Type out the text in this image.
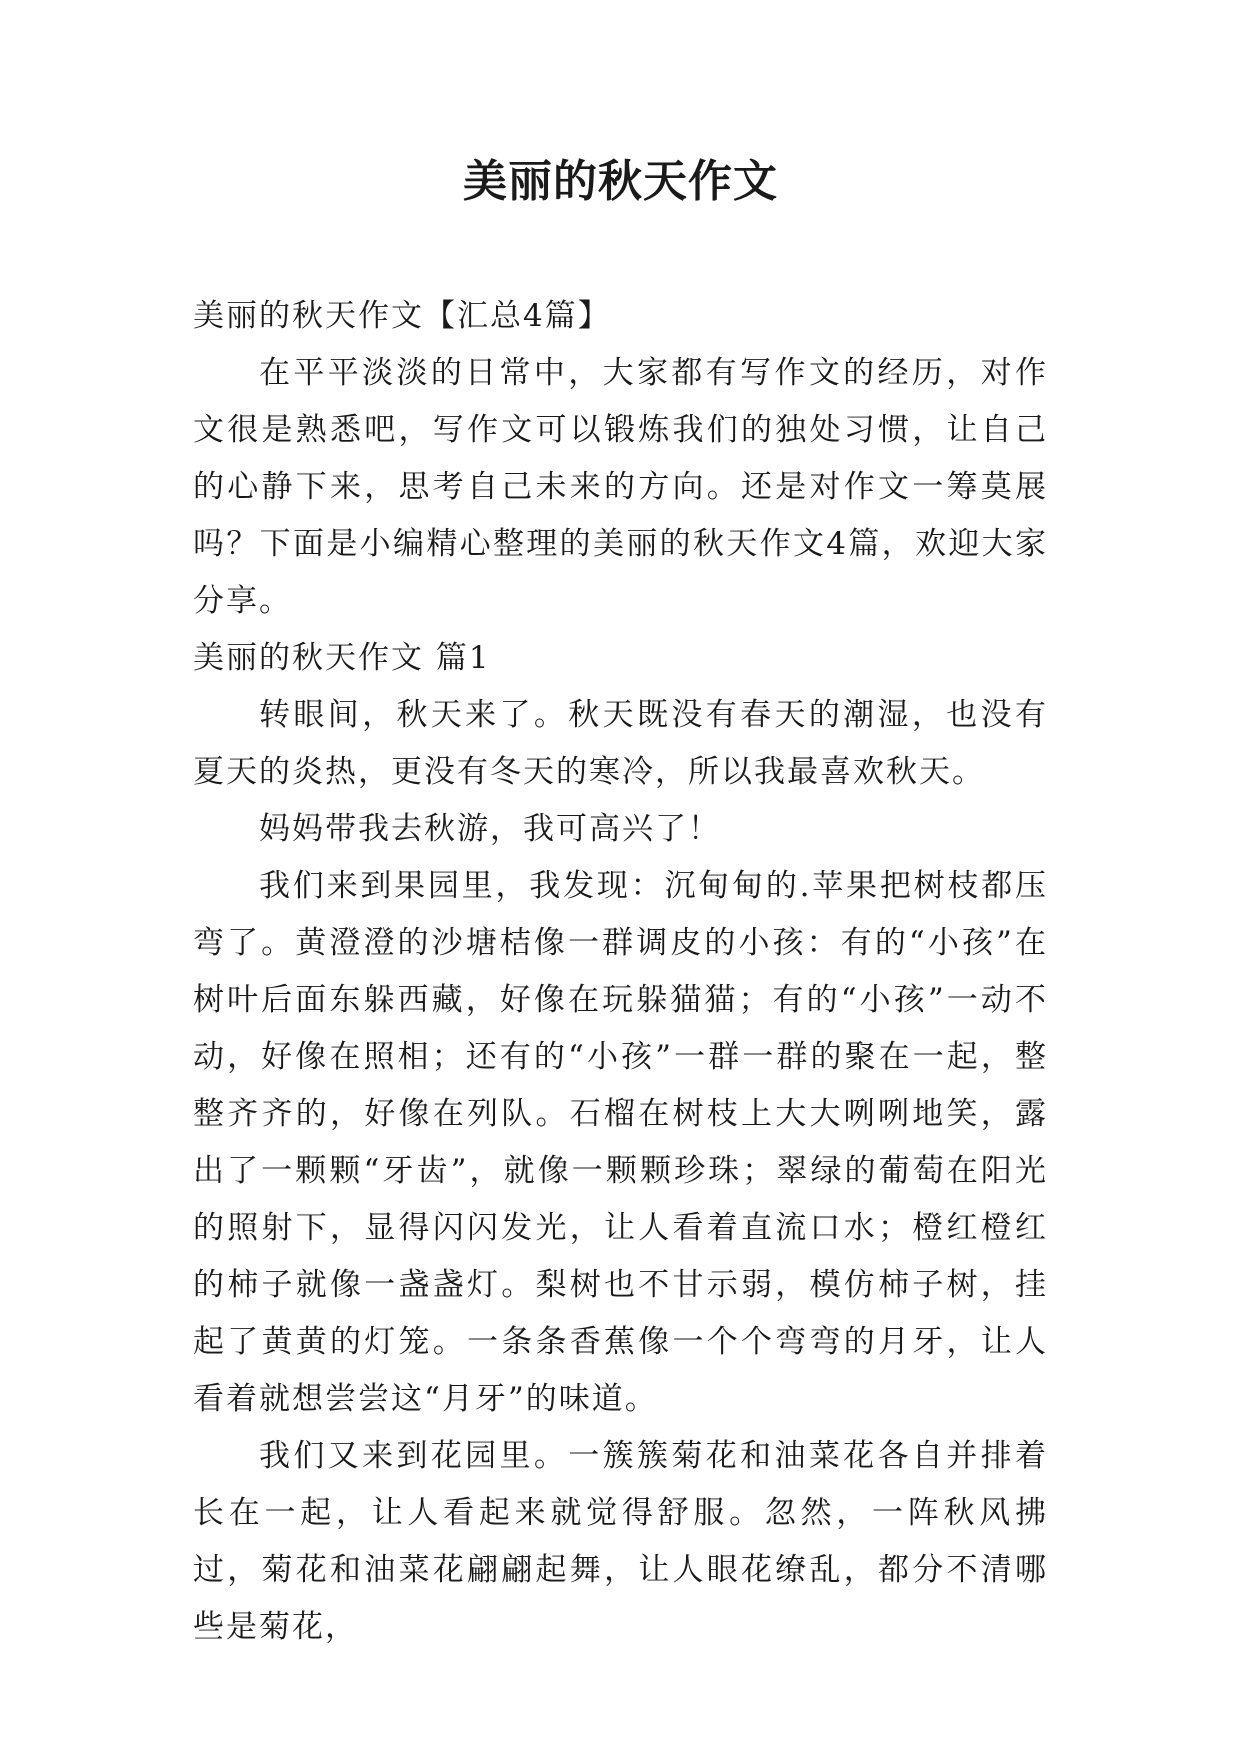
美丽的秋天作文

美丽的秋天作文【汇总4篇】

在平平淡淡的日常中，大家都有写作文的经历，对作文很是熟悉吧，写作文可以锻炼我们的独处习惯，让自己的心静下来，思考自己未来的方向。还是对作文一筹莫展吗？下面是小编精心整理的美丽的秋天作文4篇，欢迎大家分享。

美丽的秋天作文 篇1

转眼间，秋天来了。秋天既没有春天的潮湿，也没有夏天的炎热，更没有冬天的寒冷，所以我最喜欢秋天。

妈妈带我去秋游，我可高兴了！

我们来到果园里，我发现：沉甸甸的.苹果把树枝都压弯了。黄澄澄的沙塘桔像一群调皮的小孩：有的“小孩”在树叶后面东躲西藏，好像在玩躲猫猫；有的“小孩”一动不动，好像在照相；还有的“小孩”一群一群的聚在一起，整整齐齐的，好像在列队。石榴在树枝上大大咧咧地笑，露出了一颗颗“牙齿”，就像一颗颗珍珠；翠绿的葡萄在阳光的照射下，显得闪闪发光，让人看着直流口水；橙红橙红的柿子就像一盏盏灯。梨树也不甘示弱，模仿柿子树，挂起了黄黄的灯笼。一条条香蕉像一个个弯弯的月牙，让人看着就想尝尝这“月牙”的味道。

我们又来到花园里。一簇簇菊花和油菜花各自并排着长在一起，让人看起来就觉得舒服。忽然，一阵秋风拂过，菊花和油菜花翩翩起舞，让人眼花缭乱，都分不清哪些是菊花，
